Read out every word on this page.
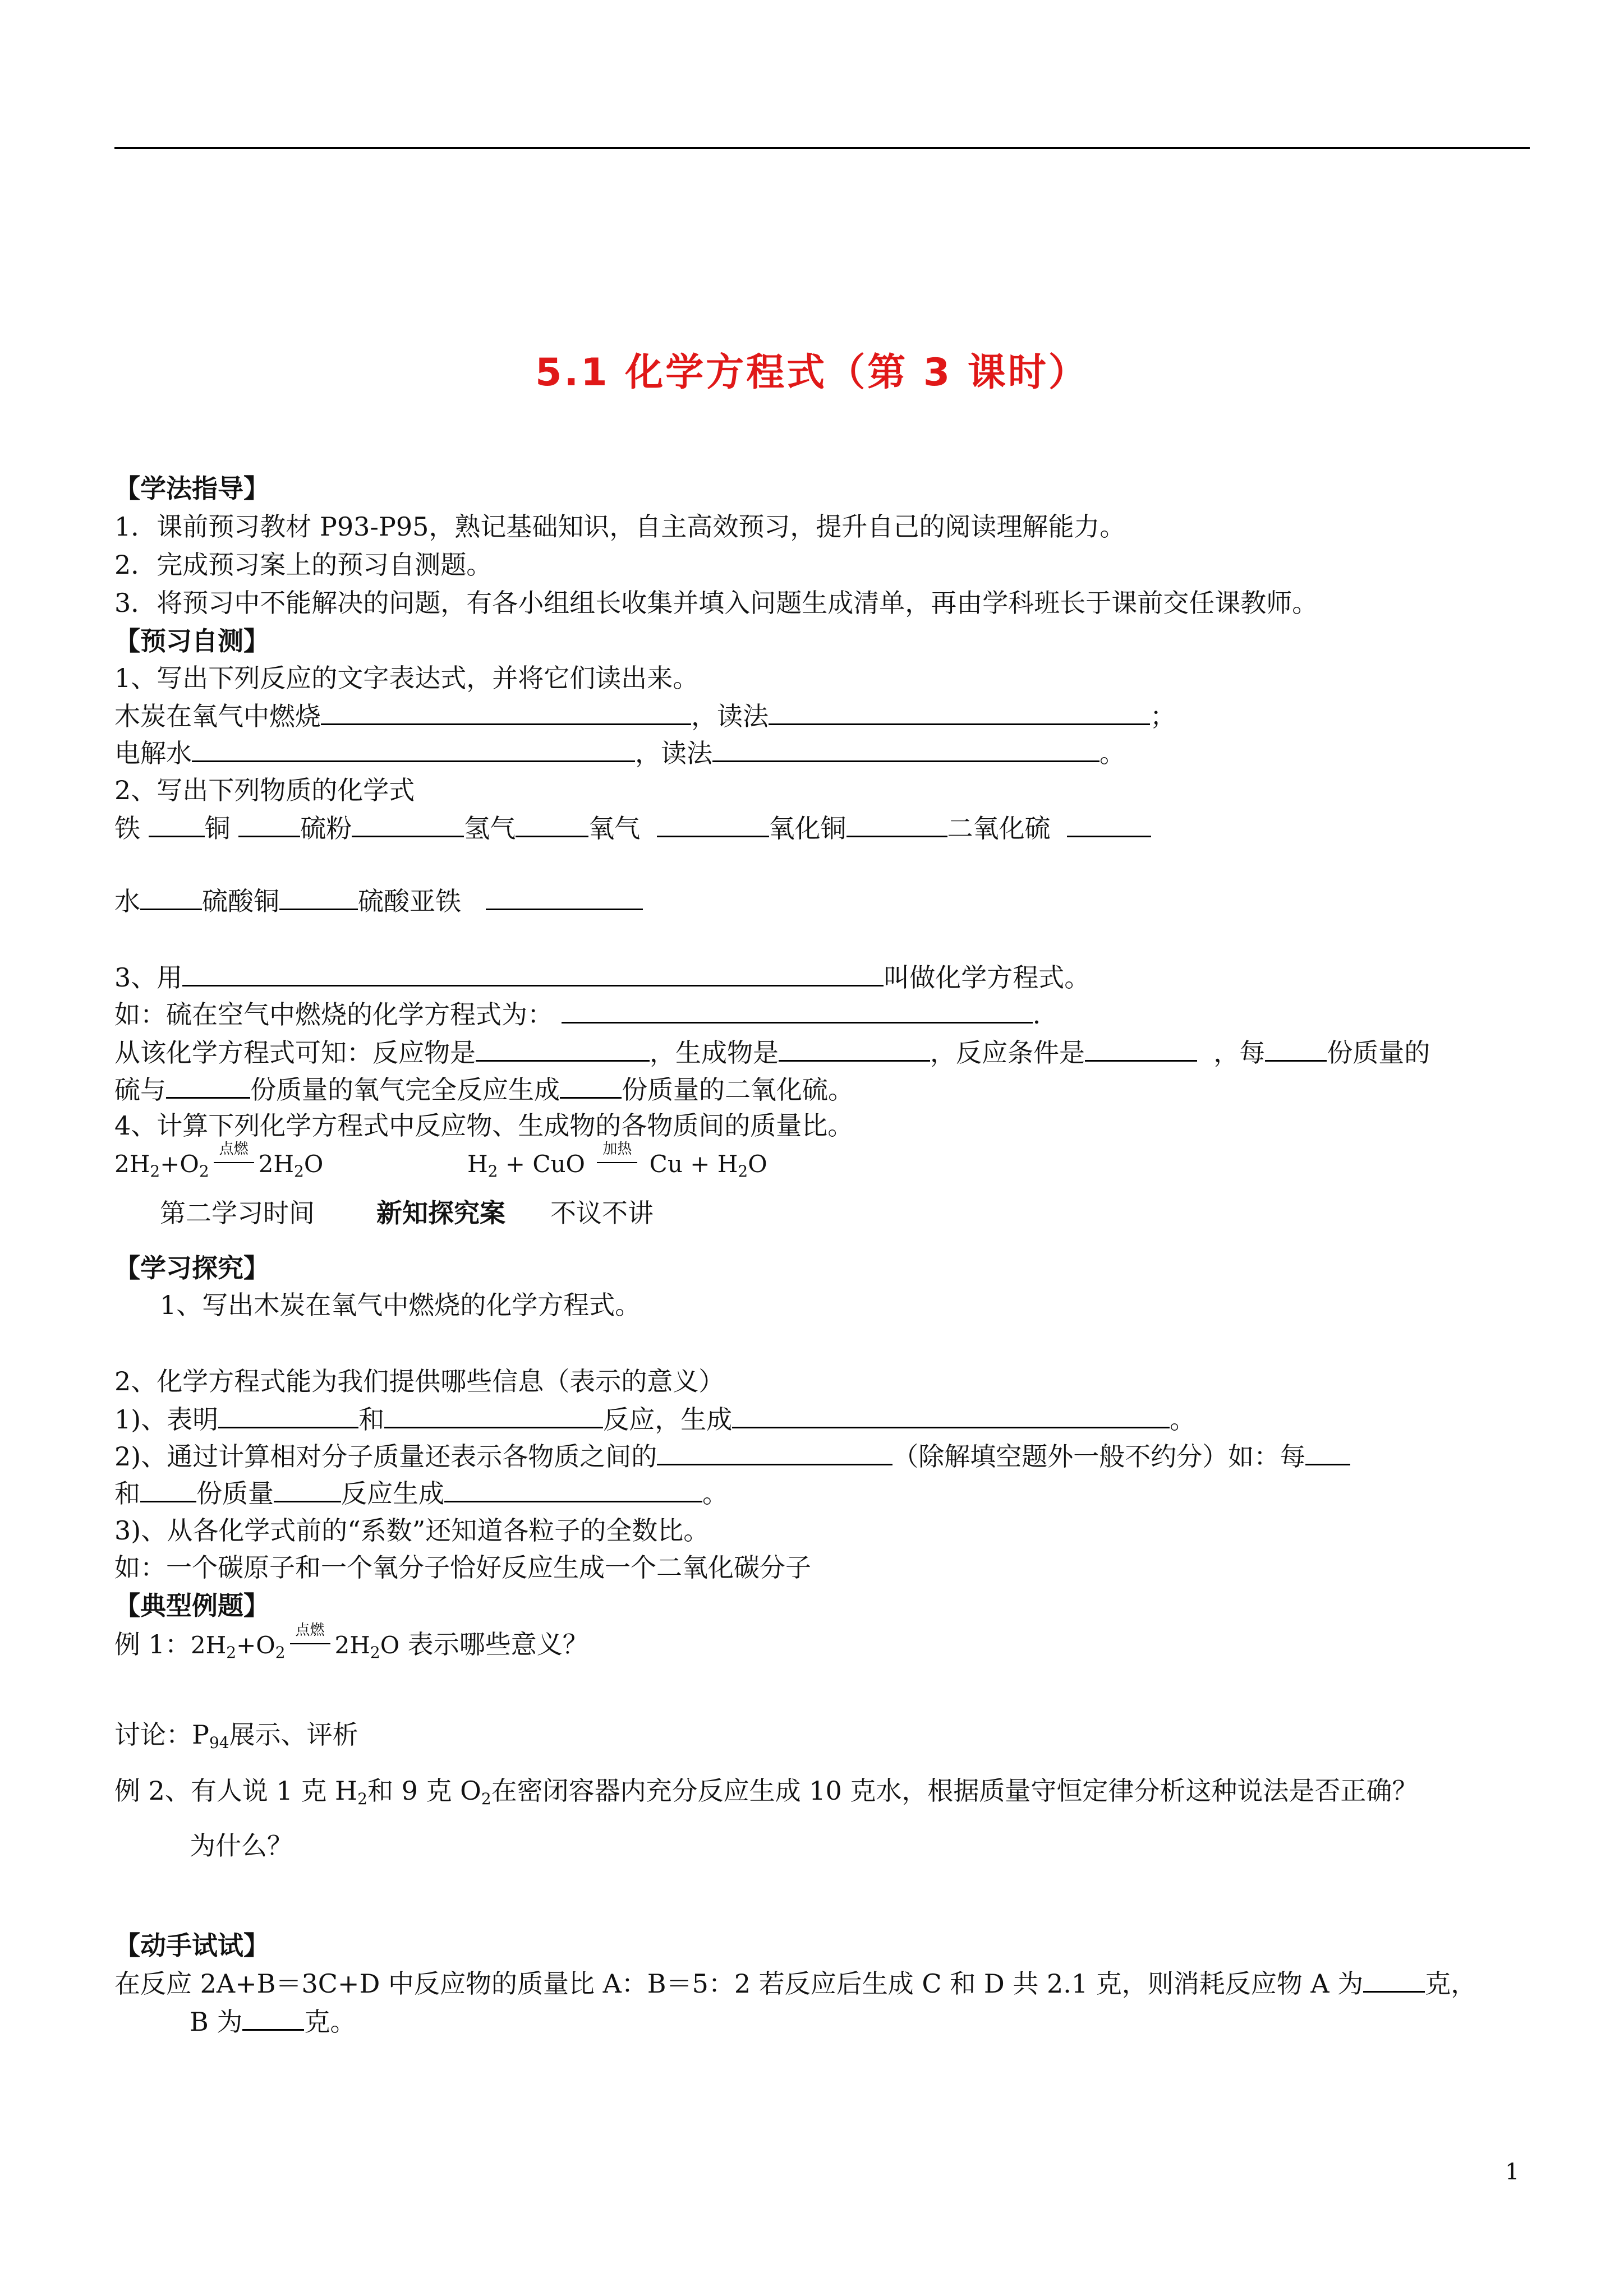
5.1 化学方程式（第 3 课时）
【学法指导】
1．课前预习教材 P93-P95，熟记基础知识，自主高效预习，提升自己的阅读理解能力。
2．完成预习案上的预习自测题。
3．将预习中不能解决的问题，有各小组组长收集并填入问题生成清单，再由学科班长于课前交任课教师。
【预习自测】
1、写出下列反应的文字表达式，并将它们读出来。
木炭在氧气中燃烧	，读法	；
电解水	，读法	。
2、写出下列物质的化学式
铁 铜	硫粉	氢气	氧气	氧化铜	二氧化硫
水 硫酸铜	硫酸亚铁
3、用	叫做化学方程式。
如：硫在空气中燃烧的化学方程式为：	.
从该化学方程式可知：反应物是	，生成物是	，反应条件是	，每 份质量的
硫与	份质量的氧气完全反应生成 份质量的二氧化硫。
4、计算下列化学方程式中反应物、生成物的各物质间的质量比。
$2H_2+O_2$
点燃
$2H_2O$	$H_2$ + CuO
加热
$Cu + H_2O$
第二学习时间 新知探究案 不议不讲
【学习探究】
1、写出木炭在氧气中燃烧的化学方程式。
2、化学方程式能为我们提供哪些信息（表示的意义）
1)、表明	和	反应，生成	。
2)、通过计算相对分子质量还表示各物质之间的	（除解填空题外一般不约分）如：每
和 份质量	反应生成	。
3)、从各化学式前的“系数”还知道各粒子的全数比。
如：一个碳原子和一个氧分子恰好反应生成一个二氧化碳分子
【典型例题】
例 1：$2H_2+O_2$
点燃
$2H_2O$ 表示哪些意义？
讨论：$P_{94}$展示、评析
例 2、有人说 1 克 $H_2$和 9 克 $O_2$在密闭容器内充分反应生成 10 克水，根据质量守恒定律分析这种说法是否正确？
为什么？
【动手试试】
在反应 2A+B＝3C+D 中反应物的质量比 A：B＝5：2 若反应后生成 C 和 D 共 2.1 克，则消耗反应物 A 为 克，
B 为 克。
1
